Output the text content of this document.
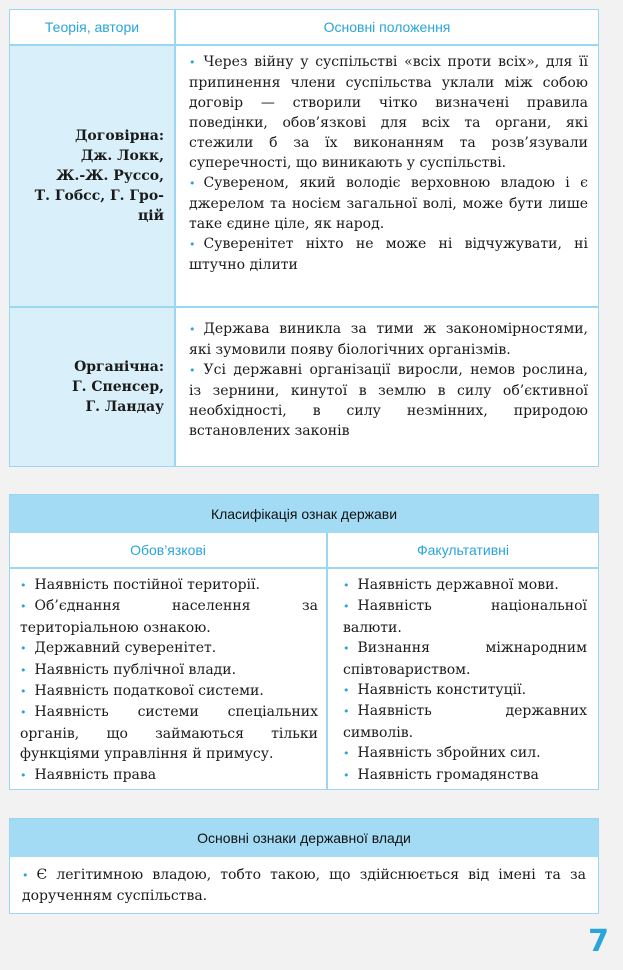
Теорія, автори	Основні положення
Договірна:
Дж. Локк,
Ж.-Ж. Руссо,
Т. Гобсс, Г. Гро-
цій

• Через війну у суспільстві «всіх проти всіх», для її припинення члени суспільства уклали між собою договір — створили чітко визначені правила поведінки, обов’язкові для всіх та органи, які стежили б за їх виконанням та розв’язували суперечності, що виникають у суспільстві.

• Сувереном, який володіє верховною владою і є джерелом та носієм загальної волі, може бути лише таке єдине ціле, як народ.

• Суверенітет ніхто не може ні відчужувати, ні штучно ділити

Органічна:
Г. Спенсер,
Г. Ландау

• Держава виникла за тими ж закономірностями, які зумовили появу біологічних організмів.

• Усі державні організації виросли, немов рослина, із зернини, кинутої в землю в силу об’єктивної необхідності, в силу незмінних, природою встановлених законів

Класифікація ознак держави
Обов’язкові	Факультативні

• Наявність постійної території.

• Об’єднання населення за територіальною ознакою.

• Державний суверенітет.

• Наявність публічної влади.

• Наявність податкової системи.

• Наявність системи спеціальних органів, що займаються тільки функціями управління й примусу.

• Наявність права

• Наявність державної мови.

• Наявність національної валюти.

• Визнання міжнародним співтовариством.

• Наявність конституції.

• Наявність державних символів.

• Наявність збройних сил.

• Наявність громадянства

Основні ознаки державної влади

• Є легітимною владою, тобто такою, що здійснюється від імені та за дорученням суспільства.

7
